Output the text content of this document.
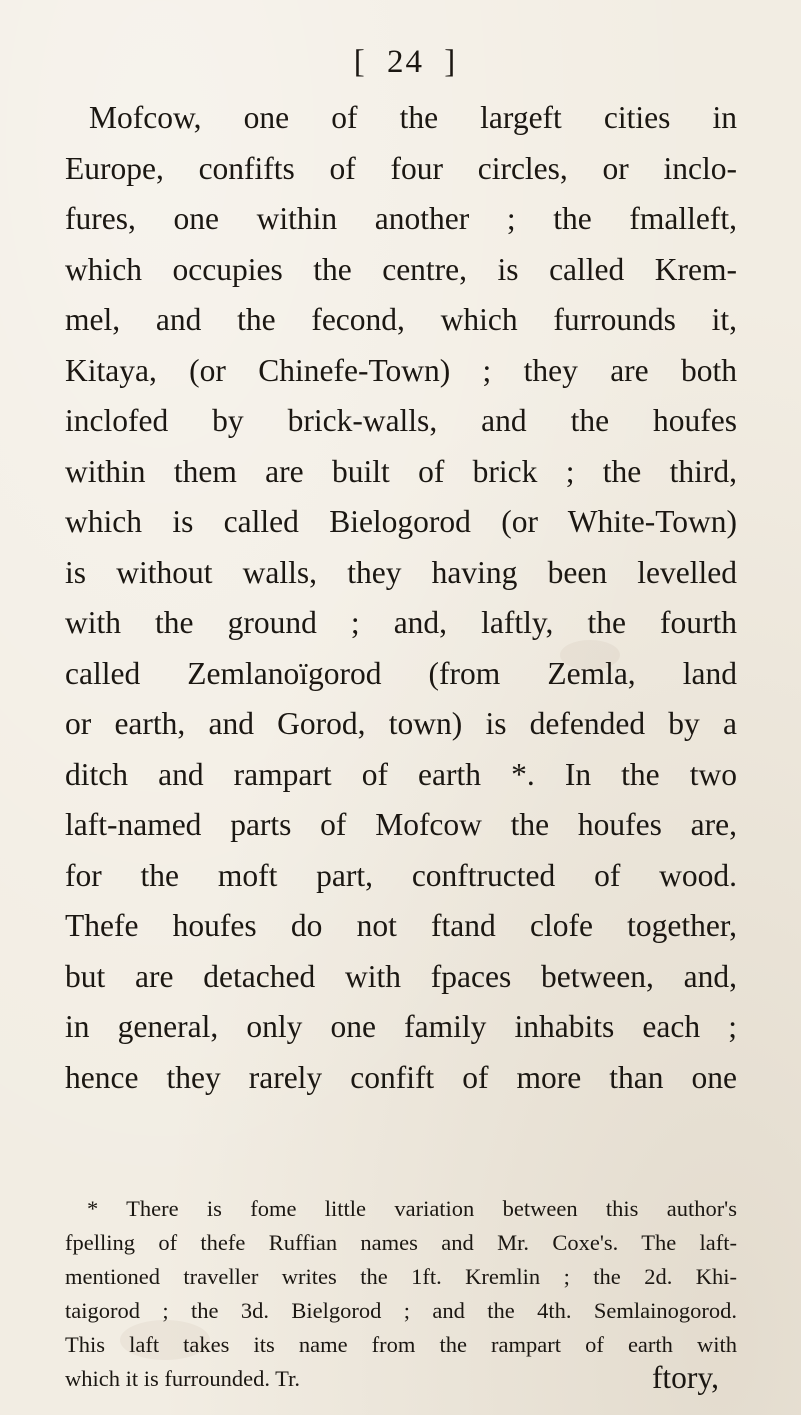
[ 24 ]
Mofcow, one of the largeft cities in
Europe, confifts of four circles, or inclo-
fures, one within another ; the fmalleft,
which occupies the centre, is called Krem-
mel, and the fecond, which furrounds it,
Kitaya, (or Chinefe-Town) ; they are both
inclofed by brick-walls, and the houfes
within them are built of brick ; the third,
which is called Bielogorod (or White-Town)
is without walls, they having been levelled
with the ground ; and, laftly, the fourth
called Zemlanoïgorod (from Zemla, land
or earth, and Gorod, town) is defended by a
ditch and rampart of earth *. In the two
laft-named parts of Mofcow the houfes are,
for the moft part, conftructed of wood.
Thefe houfes do not ftand clofe together,
but are detached with fpaces between, and,
in general, only one family inhabits each ;
hence they rarely confift of more than one
* There is fome little variation between this author's
fpelling of thefe Ruffian names and Mr. Coxe's. The laft-
mentioned traveller writes the 1ft. Kremlin ; the 2d. Khi-
taigorod ; the 3d. Bielgorod ; and the 4th. Semlainogorod.
This laft takes its name from the rampart of earth with
which it is furrounded. Tr.	ftory,
